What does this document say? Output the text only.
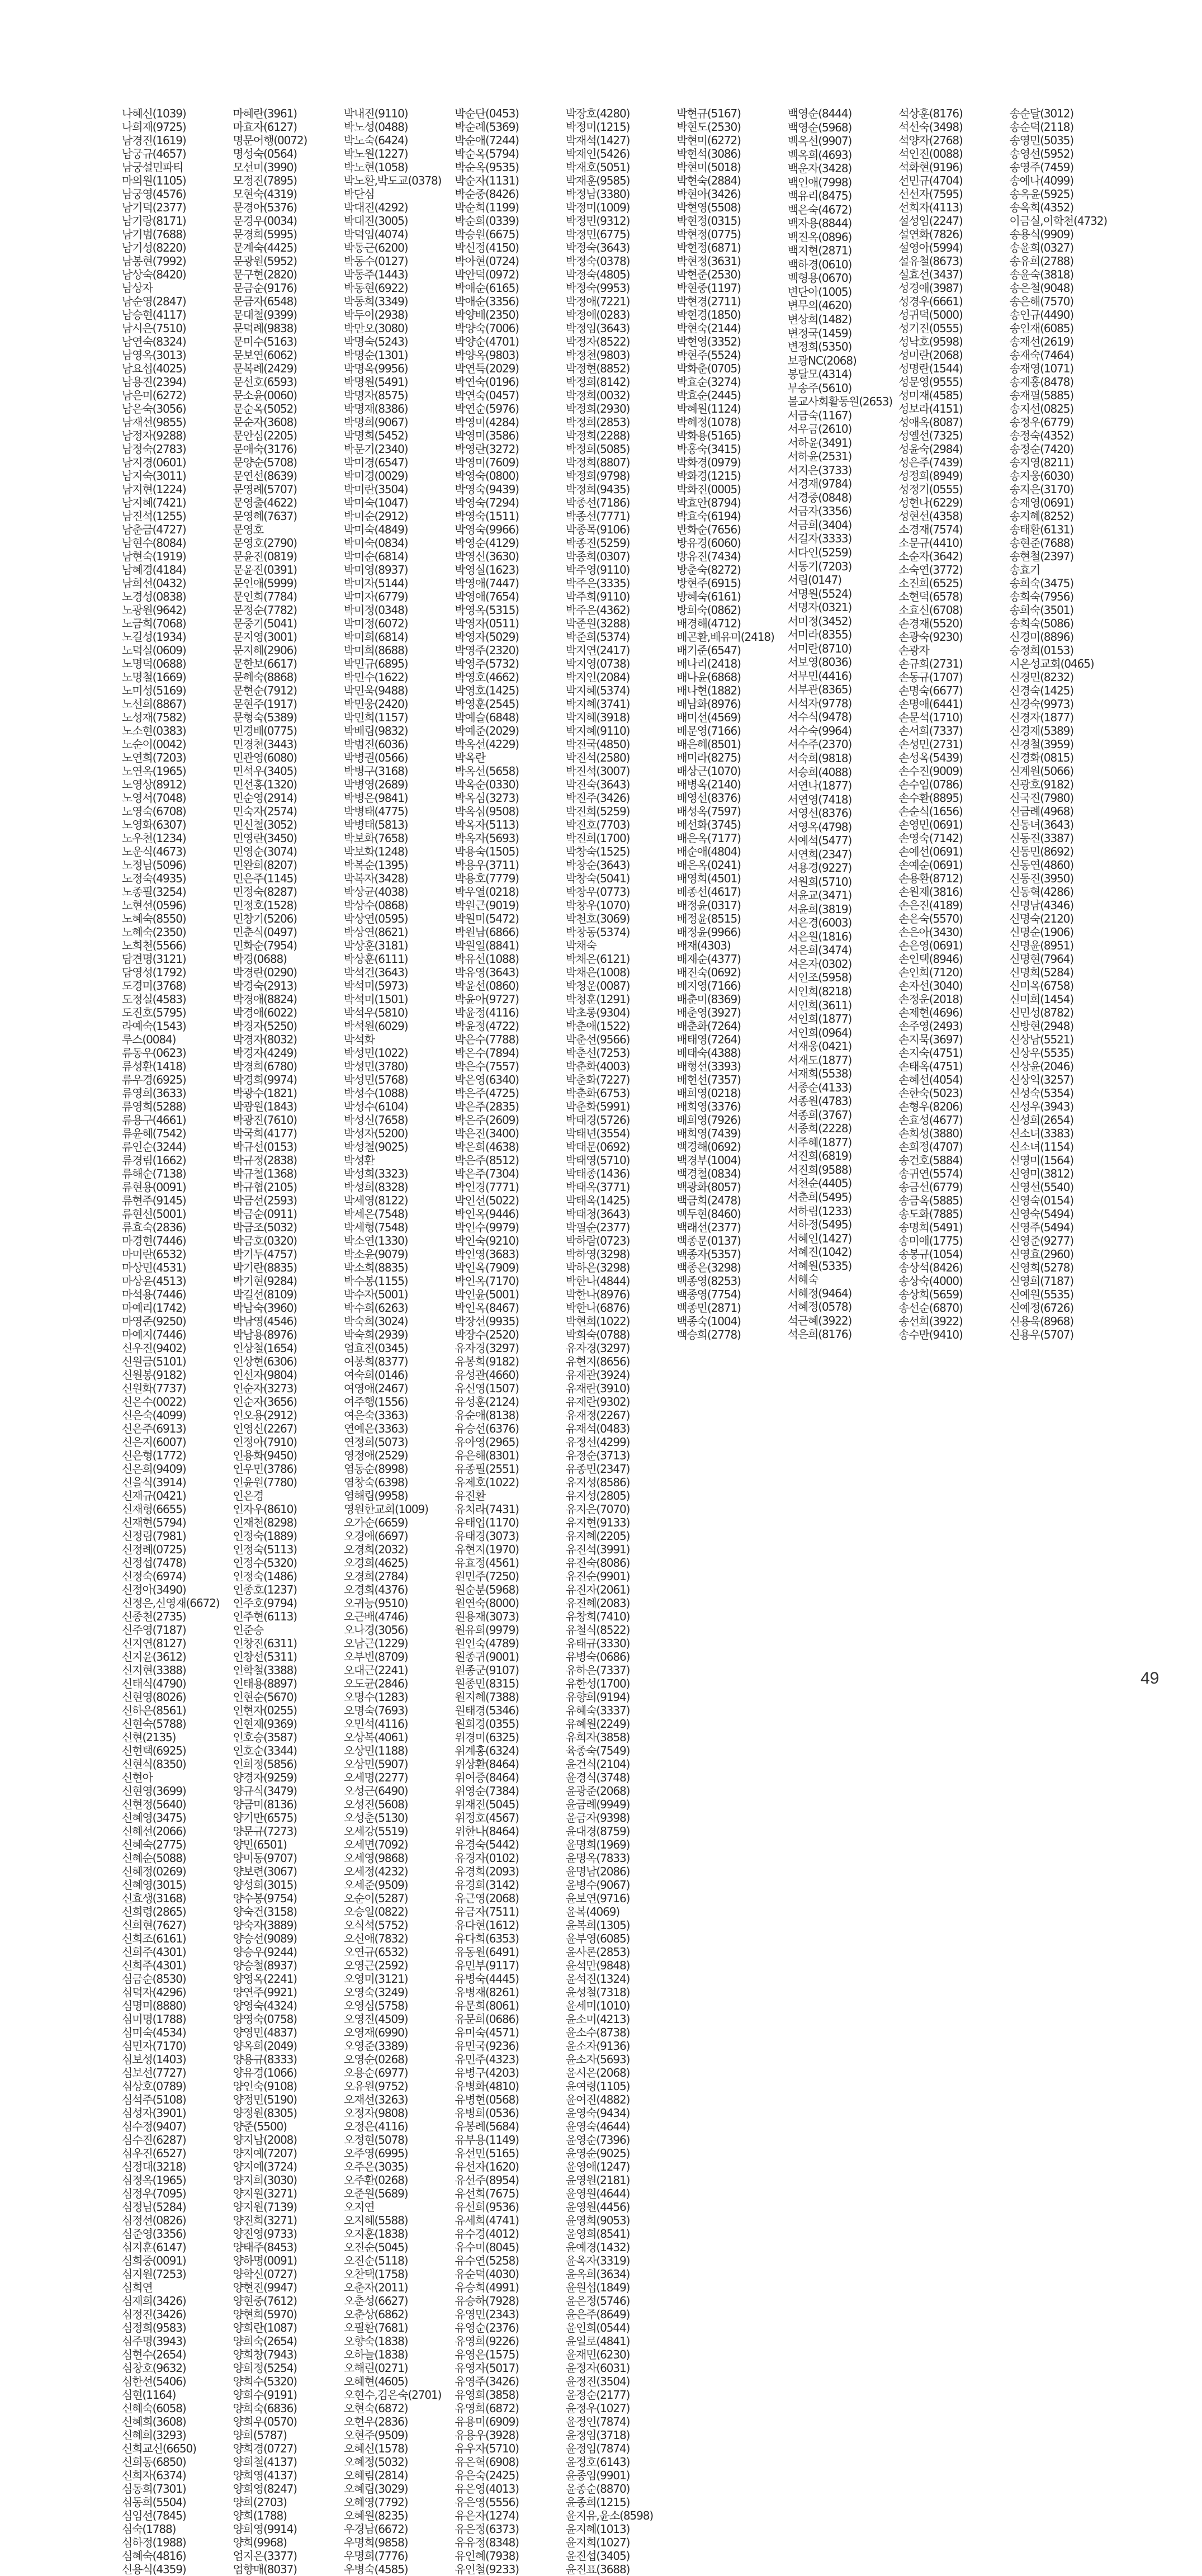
나혜신(1039)
나희재(9725)
남경진(1619)
남궁규(4657)
남궁설민파티
마의원(1105)
남궁영(4576)
남기덕(2377)
남기랑(8171)
남기범(7688)
남기성(8220)
남봉현(7992)
남상숙(8420)
남상자
남순영(2847)
남승현(4117)
남시은(7510)
남연숙(8324)
남영옥(3013)
남요섭(4025)
남용진(2394)
남은미(6272)
남은숙(3056)
남재선(9855)
남정자(9288)
남정숙(2783)
남지경(0601)
남지숙(3011)
남지현(1224)
남지혜(7421)
남진석(1255)
남춘금(4727)
남현수(8084)
남현숙(1919)
남혜경(4184)
남희선(0432)
노경성(0838)
노광원(9642)
노금희(7068)
노길성(1934)
노덕실(0609)
노명덕(0688)
노명철(1669)
노미성(5169)
노선희(8867)
노성재(7582)
노소현(0383)
노순이(0042)
노연희(7203)
노연옥(1965)
노영상(8912)
노영서(7048)
노영숙(6708)
노영화(6307)
노우천(1234)
노운식(4673)
노정남(5096)
노정숙(4935)
노종필(3254)
노현선(0596)
노혜숙(8550)
노혜숙(2350)
노희천(5566)
담견명(3121)
담영성(1792)
도경미(3768)
도정실(4583)
도진호(5795)
라예숙(1543)
루스(0084)
류동우(0623)
류성환(1418)
류우경(6925)
류영희(3633)
류영희(5288)
류용구(4661)
류윤혜(7542)
류인순(3244)
류경림(1662)
류해순(7138)
류현용(0091)
류현주(9145)
류현선(5001)
류효숙(2836)
마경현(7446)
마미란(6532)
마상민(4531)
마상윤(4513)
마석용(7446)
마예리(1742)
마영준(9250)
마예지(7446)
마혜란(3961)
마효자(6127)
명문어행(0072)
명성숙(0564)
모선미(3990)
모정진(7895)
모현숙(4319)
문경아(5376)
문경우(0034)
문경희(5995)
문계숙(4425)
문광원(5952)
문구현(2820)
문금순(9176)
문금자(6548)
문대철(9399)
문덕례(9838)
문미수(5163)
문보연(6062)
문복례(2429)
문선호(6593)
문소윤(0060)
문순옥(5052)
문순자(3608)
문안심(2205)
문애숙(3176)
문양순(5708)
문연선(8639)
문영례(5707)
문영출(4622)
문영혜(7637)
문영호
문영호(2790)
문윤진(0819)
문윤진(0391)
문인애(5999)
문인희(7784)
문정순(7782)
문중기(5041)
문지영(3001)
문지혜(2906)
문한보(6617)
문혜숙(8868)
문현순(7912)
문현주(1917)
문형숙(5389)
민경배(0775)
민경천(3443)
민관영(6080)
민석우(3405)
민선홍(1320)
민순영(2914)
민숙자(2574)
민신철(3052)
민영란(3450)
민영순(3074)
민완희(8207)
민은주(1145)
민정숙(8287)
민정호(1528)
민창기(5206)
민춘식(0497)
민화순(7954)
박경(0688)
박경란(0290)
박경숙(2913)
박경애(8824)
박경애(6022)
박경자(5250)
박경자(8032)
박경자(4249)
박경희(6780)
박경희(9974)
박광수(1821)
박광원(1843)
박광진(7610)
박국희(4177)
박규선(0153)
박규정(2838)
박규철(1368)
박규협(2105)
박금선(2593)
박금순(0911)
박금조(5032)
박금호(0320)
박기두(4757)
박기란(8835)
박기현(9284)
박길선(8109)
박남숙(3960)
박남영(4546)
박남용(8976)
박내진(9110)
박노성(0488)
박노숙(6424)
박노원(1227)
박노현(1058)
박노환,박도교(0378)
박단심
박대진(4292)
박대진(3005)
박덕임(4074)
박동근(6200)
박동수(0127)
박동주(1443)
박동현(6922)
박동희(3349)
박두이(2938)
박만오(3080)
박명숙(5243)
박명순(1301)
박명옥(9956)
박명원(5491)
박명자(8575)
박명재(8386)
박명희(9067)
박명희(5452)
박문기(2340)
박미경(6547)
박미경(0029)
박미란(3504)
박미숙(1047)
박미순(2912)
박미숙(4849)
박미숙(0834)
박미순(6814)
박미영(8937)
박미자(5144)
박미자(6779)
박미정(0348)
박미정(6072)
박미희(6814)
박미희(8688)
박민규(6895)
박민수(1622)
박민욱(9488)
박민웅(2420)
박민희(1157)
박배림(9832)
박범진(6036)
박병권(0566)
박병구(3168)
박병영(2689)
박병은(9841)
박병태(4775)
박병태(5813)
박보화(7658)
박보화(1248)
박복순(1395)
박복자(3428)
박상균(4038)
박상수(0868)
박상연(0595)
박상연(8621)
박상훈(3181)
박상훈(6111)
박석건(3643)
박석미(5973)
박석미(1501)
박석우(5810)
박석원(6029)
박석화
박성민(1022)
박성민(3780)
박성민(5768)
박성수(1088)
박성수(6104)
박성신(7658)
박성자(5200)
박성철(9025)
박성환
박성희(3323)
박성희(8328)
박세영(8122)
박세은(7548)
박세형(7548)
박소연(1330)
박소윤(9079)
박소희(8835)
박수봉(1155)
박수자(5001)
박수희(6263)
박숙희(3024)
박숙희(2939)
박순단(0453)
박순례(5369)
박순애(7244)
박순옥(5794)
박순옥(9535)
박순자(1131)
박순중(8426)
박순희(1199)
박순희(0339)
박승원(6675)
박신정(4150)
박아현(0724)
박안덕(0972)
박애순(6165)
박애순(3356)
박양배(2350)
박양숙(7006)
박양순(4701)
박양옥(9803)
박연득(2029)
박연숙(0196)
박연숙(0457)
박연순(5976)
박영미(4284)
박영미(3586)
박영란(3272)
박영미(7609)
박영숙(0800)
박영숙(9439)
박영숙(7294)
박영숙(1511)
박영숙(9966)
박영순(4129)
박영신(3630)
박영실(1623)
박영애(7447)
박영애(7654)
박영옥(5315)
박영자(0511)
박영자(5029)
박영주(2320)
박영주(5732)
박영호(4662)
박영호(1425)
박영훈(2545)
박예슬(6848)
박예준(2029)
박옥선(4229)
박옥란
박옥선(5658)
박옥순(0330)
박옥심(3273)
박옥심(9508)
박옥자(5113)
박옥자(5693)
박용숙(1505)
박용우(3711)
박용호(7779)
박우열(0218)
박원근(9019)
박원미(5472)
박원남(6866)
박원일(8841)
박유선(1088)
박유영(3643)
박윤선(0860)
박윤아(9727)
박윤정(4116)
박윤정(4722)
박은수(7788)
박은수(7894)
박은수(7557)
박은영(6340)
박은주(4725)
박은주(2835)
박은주(2609)
박은진(3400)
박은희(4638)
박은주(8512)
박은주(7304)
박인경(7771)
박인선(5022)
박인옥(9446)
박인수(9979)
박인숙(9210)
박인영(3683)
박인옥(7909)
박인옥(7170)
박인윤(5001)
박인옥(8467)
박장선(9935)
박장수(2520)
박장호(4280)
박정미(1215)
박재석(1427)
박재인(5426)
박재호(5051)
박재훈(9585)
박정남(3380)
박정미(1009)
박정민(9312)
박정민(6775)
박정숙(3643)
박정숙(0378)
박정숙(4805)
박정숙(9953)
박정애(7221)
박정애(0283)
박정임(3643)
박정자(8522)
박정천(9803)
박정현(8852)
박정희(8142)
박정희(0032)
박정희(2930)
박정희(2853)
박정희(2288)
박정희(5085)
박정희(8807)
박정희(9798)
박정희(9435)
박종선(7186)
박종선(7771)
박종목(9106)
박종진(5259)
박종희(0307)
박주영(9110)
박주은(3335)
박주희(9110)
박주은(4362)
박준원(3288)
박준희(5374)
박지연(2417)
박지영(0738)
박지인(2084)
박지혜(5374)
박지혜(3741)
박지혜(3918)
박지혜(9110)
박진국(4850)
박진석(2580)
박진석(3007)
박진숙(3643)
박진주(3426)
박진희(5259)
박진호(7703)
박진희(1700)
박창숙(1525)
박창순(3643)
박창숙(5041)
박창우(0773)
박창우(1070)
박천호(3069)
박창동(5374)
박채숙
박채은(6121)
박채은(1008)
박청운(0087)
박청훈(1291)
박초롱(9304)
박춘애(1522)
박춘선(9566)
박춘선(7253)
박춘화(4003)
박춘화(7227)
박춘화(6753)
박춘화(5991)
박태경(5726)
박태년(3554)
박태문(0692)
박태영(5710)
박태종(1436)
박태옥(3771)
박태옥(1425)
박태청(3643)
박필순(2377)
박하람(0723)
박하영(3298)
박하은(3298)
박한나(4844)
박한나(8976)
박한나(6876)
박현희(1022)
박희숙(0788)
박현규(5167)
박현도(2530)
박현미(6272)
박현석(3086)
박현미(5018)
박현숙(2884)
박현아(3426)
박현영(5508)
박현정(0315)
박현정(0775)
박현정(6871)
박현정(3631)
박현준(2530)
박현중(1197)
박현경(2711)
박현경(1850)
박현숙(2144)
박현영(3352)
박현주(5524)
박화춘(0705)
박효순(3274)
박효순(2445)
박혜원(1124)
박혜정(1078)
박화용(5165)
박홍숙(3415)
박화경(0979)
박화경(1215)
박화진(0005)
박효안(8794)
박효숙(6194)
반화순(7656)
방유경(6060)
방유진(7434)
방춘숙(8272)
방현주(6915)
방혜숙(6161)
방희숙(0862)
배경해(4712)
배곤환,배유미(2418)
배기준(6547)
배나리(2418)
배나윤(6868)
배나현(1882)
배남화(8976)
배미선(4569)
배문영(7166)
배은혜(8501)
배미라(8275)
배상근(1070)
배병옥(2140)
배영선(8376)
배성옥(7597)
배선화(3745)
배은옥(7177)
배순애(4804)
배은옥(0241)
배영희(4501)
배종선(4617)
배정윤(0317)
배정윤(8515)
배정윤(9966)
배재(4303)
배재순(4377)
배진숙(0692)
배지영(7166)
배춘미(8369)
배춘영(3927)
배춘화(7264)
배태영(7264)
배태숙(4388)
배형선(3393)
배현선(7357)
배희영(0218)
배희영(3376)
배희영(7926)
배희영(7439)
백경해(0692)
백경부(1004)
백경철(0834)
백광화(8057)
백금희(2478)
백두현(8460)
백래선(2377)
백종문(0137)
백종자(5357)
백종은(3298)
백종영(8253)
백종영(7754)
백종민(2871)
백종숙(1004)
백승희(2778)
백영순(8444)
백영순(5968)
백옥선(9907)
백옥희(4693)
백운자(3428)
백인애(7998)
백유리(8475)
백은숙(4672)
백자용(8844)
백진옥(0896)
백지현(2871)
백하경(0610)
백형용(0670)
변단아(1005)
변무의(4620)
변상희(1482)
변정국(1459)
변정희(5350)
보광NC(2068)
봉달모(4314)
부송주(5610)
불교사회활동원(2653)
서금숙(1167)
서우금(2610)
서하윤(3491)
서하윤(2531)
서지은(3733)
서경재(9784)
서경중(0848)
서금자(3356)
서금희(3404)
서길자(3333)
서다인(5259)
서동기(7203)
서림(0147)
서명원(5524)
서명자(0321)
서미정(3452)
서미라(8355)
서미란(8710)
서보영(8036)
서부민(4416)
서부관(8365)
서석자(9778)
서수식(9478)
서수숙(9964)
서수주(2370)
서숙희(9818)
서승희(4088)
서연나(1877)
서연영(7418)
서영선(8376)
서영옥(4798)
서예석(5477)
서연희(2347)
서용경(9227)
서원희(5710)
서윤교(3471)
서윤희(3819)
서은경(6003)
서은원(1816)
서은희(3474)
서은자(0302)
서인조(5958)
서인희(8218)
서인희(3611)
서인희(1877)
서인희(0964)
서재웅(0421)
서재도(1877)
서재희(5538)
서종순(4133)
서종원(4783)
서종희(3767)
서종희(2228)
서주혜(1877)
서진희(6819)
서진희(9588)
서천순(4405)
서춘희(5495)
서하림(1233)
서하정(5495)
서혜인(1427)
서혜진(1042)
서혜원(5335)
서혜숙
서혜정(9464)
서혜정(0578)
석근혜(3922)
석은희(8176)
석상훈(8176)
석선숙(3498)
석양자(2768)
석인진(0088)
석화현(9196)
선민규(4704)
선선자(7595)
선희자(4113)
설성임(2247)
설연화(7826)
설영아(5994)
설유철(8673)
설효선(3437)
성경애(3987)
성경우(6661)
성귀덕(5000)
성기진(0555)
성낙호(9598)
성미란(2068)
성명란(1544)
성문영(9555)
성미재(4585)
성보라(4151)
성애옥(8087)
성옐선(7325)
성윤숙(2984)
성은주(7439)
성정희(8949)
성정기(0555)
성현나(6229)
성현선(4358)
소경재(7574)
소문규(4410)
소순자(3642)
소숙연(3772)
소진희(6525)
소현덕(6578)
소효신(6708)
손경재(5520)
손광숙(9230)
손광자
손규희(2731)
손동규(1707)
손명숙(6677)
손명애(6441)
손문석(1710)
손서희(7337)
손성민(2731)
손성옥(5439)
손수진(9009)
손수임(0786)
손수환(8895)
손순식(1656)
손영민(0691)
손영숙(7142)
손예선(0691)
손예순(0691)
손용환(8712)
손원재(3816)
손은진(4189)
손은숙(5570)
손은아(3430)
손은영(0691)
손인택(8946)
손인희(7120)
손자선(3040)
손정운(2018)
손제현(4696)
손주영(2493)
손지묵(3697)
손지숙(4751)
손태옥(4751)
손혜선(4054)
손한숙(5023)
손형우(8206)
손효성(4677)
손희성(3880)
손희정(4707)
송건호(5884)
송귀연(5574)
송금선(6779)
송금옥(5885)
송도화(7885)
송명희(5491)
송미애(1775)
송봉규(1054)
송상석(8426)
송상숙(4000)
송상희(5659)
송선순(6870)
송선희(3922)
송수만(9410)
송순달(3012)
송순덕(2118)
송영민(5035)
송영선(5952)
송영주(7459)
송예나(4099)
송옥윤(5925)
송옥희(4352)
이금실,이학천(4732)
송용식(9909)
송윤희(0327)
송유희(2788)
송윤숙(3818)
송은철(9048)
송은해(7570)
송인규(4490)
송인재(6085)
송재선(2619)
송재숙(7464)
송재영(1071)
송재홍(8478)
송재필(5885)
송지선(0825)
송정우(6779)
송정숙(4352)
송정순(7420)
송지영(8211)
송지웅(6030)
송지은(3170)
송재영(0691)
송지혜(8252)
송태환(6131)
송현준(7688)
송현철(2397)
송효기
송희숙(3475)
송희숙(7956)
송희숙(3501)
송희숙(5086)
신경미(8896)
승정희(0153)
시온성교회(0465)
신경민(8232)
신경숙(1425)
신경숙(9973)
신경자(1877)
신경재(5389)
신경철(3959)
신경화(0815)
신계원(5066)
신광호(9182)
신국진(7980)
신금례(4968)
신동녀(3643)
신동진(3387)
신동민(8692)
신동연(4860)
신동진(3950)
신동혁(4286)
신명남(4346)
신명숙(2120)
신명순(1906)
신명윤(8951)
신명현(7964)
신명희(5284)
신미옥(6758)
신미희(1454)
신민성(8782)
신방현(2948)
신상남(5521)
신상우(5535)
신상윤(2046)
신상익(3257)
신성숙(5354)
신성우(3943)
신성희(2654)
신소녀(3383)
신소녀(1154)
신영미(1564)
신영미(3812)
신영선(5540)
신영숙(0154)
신영숙(5494)
신영주(5494)
신영준(9277)
신영효(2960)
신영희(5278)
신영희(7187)
신예원(5535)
신예정(6726)
신용욱(8968)
신용우(5707)
신우진(9402)
신원금(5101)
신원봉(9182)
신원화(7737)
신은수(0022)
신은숙(4099)
신은주(6913)
신은지(6007)
신은형(1772)
신은희(9409)
신을식(3914)
신재규(0421)
신재형(6655)
신재현(5794)
신정림(7981)
신정례(0725)
신정섭(7478)
신정숙(6974)
신정아(3490)
신정은,신영재(6672)
신종천(2735)
신주영(7187)
신지연(8127)
신지윤(3612)
신지현(3388)
신태식(4790)
신현영(8026)
신하은(8561)
신현숙(5788)
신현(2135)
신현택(6925)
신현식(8350)
신현아
신현영(3699)
신현정(5640)
신혜영(3475)
신혜선(2066)
신혜숙(2775)
신혜순(5088)
신혜정(0269)
신혜영(3015)
신효생(3168)
신희령(2865)
신희현(7627)
신희조(6161)
신희주(4301)
신희주(4301)
심금순(8530)
심덕자(4296)
심명미(8880)
심미명(1788)
심미숙(4534)
심민자(7170)
심보성(1403)
심보선(7727)
심상호(0789)
심석주(5108)
심성자(3901)
심수정(9407)
심수진(6287)
심우진(6527)
심정대(3218)
심정옥(1965)
심정우(7095)
심정남(5284)
심정선(0826)
심준영(3356)
심지훈(6147)
심희중(0091)
심지원(7253)
심희연
심재희(3426)
심정진(3426)
심정희(9583)
심주명(3943)
심현수(2654)
심창호(9632)
심한선(5406)
심현(1164)
신혜숙(6058)
신혜희(3608)
신혜희(3293)
신희교신(6650)
신희동(6850)
신희자(6374)
심동희(7301)
심동희(5504)
심임선(7845)
심숙(1788)
심하정(1988)
심혜숙(4816)
신용식(4359)
인상철(1654)
인상현(6306)
인선자(9804)
인순자(3273)
인순자(3656)
인오용(2912)
인영신(2267)
인정아(7910)
인용화(9450)
인우민(3786)
인윤원(7780)
인은경
인자우(8610)
인재천(8298)
인정숙(1889)
인정숙(5113)
인정수(5320)
인정숙(1486)
인종호(1237)
인주호(9794)
인주현(6113)
인준승
인창진(6311)
인창선(5311)
인학철(3388)
인태용(8897)
인현순(5670)
인현자(0255)
인현재(9369)
인호승(3587)
인호순(3344)
인희정(5856)
양경자(9259)
양규식(3479)
양금미(8136)
양기만(6575)
양문규(7273)
양민(6501)
양미동(9707)
양보련(3067)
양성희(3015)
양수봉(9754)
양숙건(3158)
양숙자(3889)
양승선(9089)
양승우(9244)
양승철(8937)
양영옥(2241)
양연주(9921)
양영숙(4324)
양영숙(0758)
양영민(4837)
양옥희(2049)
양용규(8333)
양유경(1066)
양인숙(9108)
양정민(5190)
양정원(8305)
양준(5500)
양지남(2008)
양지예(7207)
양지예(3724)
양지희(3030)
양지원(3271)
양지원(7139)
양진희(3271)
양진영(9733)
양태주(8453)
양하명(0091)
양학신(0727)
양현진(9947)
양현중(7612)
양현희(5970)
양희란(1087)
양희숙(2654)
양희창(7943)
양희정(5254)
양희수(5320)
양희수(9191)
양희숙(6836)
양희우(0570)
양희(5787)
양희경(0727)
양희철(4137)
양희영(4137)
양희영(8247)
양희(2703)
양희(1788)
양희영(9914)
양희(9968)
엄지은(3377)
엄향매(8037)
엄효진(0345)
여봉희(8377)
여숙희(0146)
여영애(2467)
여주행(1556)
여은숙(3363)
연예은(3363)
연정희(5073)
영정애(2529)
염동순(8998)
염창숙(6398)
염해림(9958)
영원한교회(1009)
오가순(6659)
오경애(6697)
오경희(2032)
오경희(4625)
오경희(2784)
오경희(4376)
오귀능(9510)
오근배(4746)
오나경(3056)
오남근(1229)
오부빈(8709)
오대근(2241)
오도균(2846)
오명수(1283)
오명숙(7693)
오민석(4116)
오상복(4061)
오상민(1188)
오상민(5907)
오세명(2277)
오성근(6490)
오성진(5608)
오성춘(5130)
오세강(5519)
오세면(7092)
오세영(9868)
오세정(4232)
오세준(9509)
오순이(5287)
오승일(0822)
오식석(5752)
오신애(7832)
오연규(6532)
오영근(2592)
오영미(3121)
오영숙(3249)
오영심(5758)
오영진(4509)
오영재(6990)
오영준(3389)
오영순(0268)
오용순(6977)
오유원(9752)
오재선(3263)
오정자(9808)
오정은(4116)
오정현(5078)
오주영(6995)
오주은(3035)
오주환(0268)
오준원(5689)
오지연
오지혜(5588)
오지훈(1838)
오진순(5045)
오진순(5118)
오찬택(1758)
오춘자(2011)
오춘성(6627)
오춘상(6862)
오필환(7681)
오향숙(1838)
오하늘(1838)
오해린(0271)
오혜현(4605)
오현수,김은숙(2701)
오현숙(6872)
오현우(2836)
오현주(9509)
오혜신(1578)
오혜정(5032)
오혜림(2814)
오혜림(3029)
오혜영(7792)
오혜원(8235)
우경남(6672)
우명희(9858)
우명희(7776)
우병숙(4585)
유자경(3297)
유봉희(9182)
유성관(4660)
유신영(1507)
유성훈(2124)
유순애(8138)
유승선(6376)
유아영(2965)
유은해(8301)
유종필(2551)
유제호(1022)
유진환
유치라(7431)
유태업(1170)
유태경(3073)
유현지(1970)
유효정(4561)
원민주(7250)
원순분(5968)
원연숙(8000)
원용재(3073)
원유희(9979)
원인숙(4789)
원종귀(9001)
원종군(9107)
원종민(8315)
원지혜(7388)
원태경(5346)
원희경(0355)
위경미(6325)
위계홍(6324)
위상환(8464)
위여증(8464)
위영순(7384)
위재진(5045)
위정호(4567)
위한나(8464)
유경숙(5442)
유경자(0102)
유경희(2093)
유경희(3142)
유근영(2068)
유금자(7511)
유다현(1612)
유다희(6353)
유동원(6491)
유민부(9117)
유병숙(4445)
유병재(8261)
유문희(8061)
유문희(0686)
유미숙(4571)
유민국(9236)
유민주(4323)
유병구(4203)
유병화(4810)
유병현(0568)
유병희(0536)
유봉례(5684)
유부용(1149)
유선민(5165)
유선자(1620)
유선주(8954)
유선희(7675)
유선희(9536)
유세희(4741)
유수경(4012)
유수미(8045)
유수연(5258)
유순덕(4030)
유승희(4991)
유승하(7928)
유영민(2343)
유영순(2376)
유영희(9226)
유영은(1575)
유영자(5017)
유영주(3426)
유영희(3858)
유영희(6872)
유용미(6909)
유용우(3928)
유우자(5710)
유은혁(6908)
유은숙(2425)
유은영(4013)
유은영(5556)
유은자(1274)
유은정(6373)
유유정(8348)
유인혜(7938)
유인철(9233)
유자경(3297)
유현지(8656)
유재관(3924)
유재란(3910)
유재란(9302)
유재정(2267)
유재석(0483)
유정선(4299)
유정순(3713)
유종민(2347)
유지성(8586)
유지성(2805)
유지은(7070)
유지현(9133)
유지혜(2205)
유진석(3991)
유진숙(8086)
유진순(9901)
유진자(2061)
유진혜(2083)
유창희(7410)
유철식(8522)
유태규(3330)
유병숙(0686)
유하은(7337)
유한성(1700)
유향희(9194)
유혜숙(3337)
유혜원(2249)
유희자(3858)
육종숙(7549)
윤건식(2104)
윤경식(3748)
윤광준(2068)
윤금례(9949)
윤금자(9398)
윤대경(8759)
윤명희(1969)
윤명옥(7833)
윤명남(2086)
윤병수(9067)
윤보연(9716)
윤복(4069)
윤복희(1305)
윤부영(6085)
윤사론(2853)
윤석만(9848)
윤석진(1324)
윤성철(7318)
윤세미(1010)
윤소미(4213)
윤소수(8738)
윤소자(9136)
윤소자(5693)
윤시은(2068)
윤여령(1105)
윤여진(4882)
윤영숙(9434)
윤영숙(4644)
윤영순(7396)
윤영순(9025)
윤영애(1247)
윤영원(2181)
윤영원(4644)
윤영원(4456)
윤영희(9053)
윤영희(8541)
윤예경(1432)
윤옥자(3319)
윤옥희(3634)
윤원섭(1849)
윤은정(5746)
윤은주(8649)
윤인희(0544)
윤일로(4841)
윤재민(6230)
윤정자(6031)
윤정진(3504)
윤정순(2177)
윤정우(1027)
윤정인(7874)
윤정임(3718)
윤정임(7874)
윤정호(6143)
윤종임(9901)
윤종순(8870)
윤종희(1215)
윤지유,윤소(8598)
윤지혜(1013)
윤지희(1027)
윤진섭(3405)
윤진표(3688)
49
